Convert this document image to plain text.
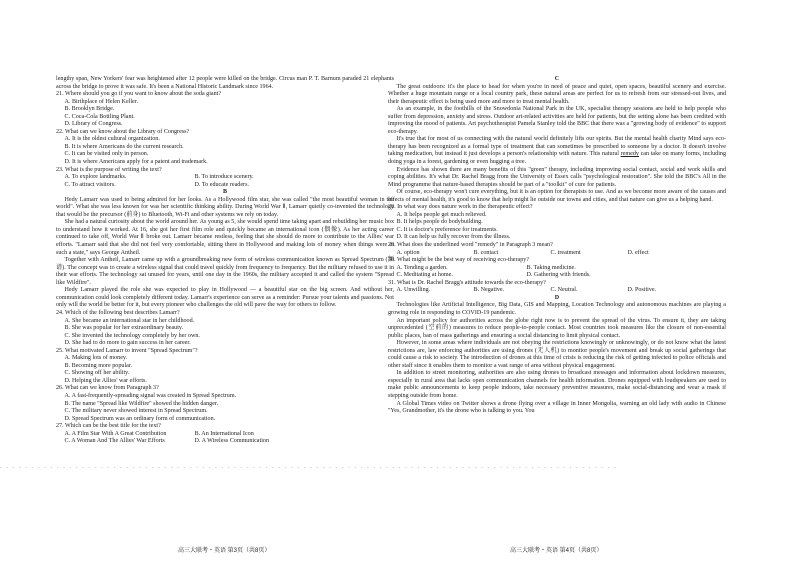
lengthy span, New Yorkers' fear was heightened after 12 people were killed on the bridge. Circus man P. T. Barnum paraded 21 elephants across the bridge to prove it was safe. It's been a National Historic Landmark since 1964.
21. Where should you go if you want to know about the soda giant?
A. Birthplace of Helen Keller.
B. Brooklyn Bridge.
C. Coca-Cola Bottling Plant.
D. Library of Congress.
22. What can we know about the Library of Congress?
A. It is the oldest cultural organization.
B. It is where Americans do the current research.
C. It can be visited only in person.
D. It is where Americans apply for a patent and trademark.
23. What is the purpose of writing the text?
A. To explore landmarks.	B. To introduce scenery.
C. To attract visitors.	D. To educate readers.
B
Hedy Lamarr was used to being admired for her looks. As a Hollywood film star, she was called "the most beautiful woman in the world". What she was less known for was her scientific thinking ability. During World War Ⅱ, Lamarr quietly co-invented the technology that would be the precursor (前身) to Bluetooth, Wi-Fi and other systems we rely on today.
She had a natural curiosity about the world around her. As young as 5, she would spend time taking apart and rebuilding her music box to understand how it worked. At 16, she got her first film role and quickly became an international icon (偶像). As her acting career continued to take off, World War Ⅱ broke out. Lamarr became restless, feeling that she should do more to contribute to the Allies' war efforts. "Lamarr said that she did not feel very comfortable, sitting there in Hollywood and making lots of money when things were in such a state," says George Antheil.
Together with Antheil, Lamarr came up with a groundbreaking new form of wireless communication known as Spread Spectrum (频谱). The concept was to create a wireless signal that could travel quickly from frequency to frequency. But the military refused to use it in their war efforts. The technology sat unused for years, until one day in the 1960s, the military accepted it and called the system "Spread like Wildfire".
Hedy Lamarr played the role she was expected to play in Hollywood — a beautiful star on the big screen. And without her, communication could look completely different today. Lamarr's experience can serve as a reminder: Pursue your talents and passions. Not only will the world be better for it, but every pioneer who challenges the old will pave the way for others to follow.
24. Which of the following best describes Lamarr?
A. She became an international star in her childhood.
B. She was popular for her extraordinary beauty.
C. She invented the technology completely by her own.
D. She had to do more to gain success in her career.
25. What motivated Lamarr to invent "Spread Spectrum"?
A. Making lots of money.
B. Becoming more popular.
C. Showing off her ability.
D. Helping the Allies' war efforts.
26. What can we know from Paragraph 3?
A. A fast-frequently-spreading signal was created in Spread Spectrum.
B. The name "Spread like Wildfire" showed the hidden danger.
C. The military never showed interest in Spread Spectrum.
D. Spread Spectrum was an ordinary form of communication.
27. Which can be the best title for the text?
A. A Film Star With A Great Contribution	B. An International Icon
C. A Woman And The Allies' War Efforts	D. A Wireless Communication
C
The great outdoors: it's the place to head for when you're in need of peace and quiet, open spaces, beautiful scenery and exercise. Whether a huge mountain range or a local country park, these natural areas are perfect for us to refresh from our stressed-out lives, and their therapeutic effect is being used more and more to treat mental health.
As an example, in the foothills of the Snowdonia National Park in the UK, specialist therapy sessions are held to help people who suffer from depression, anxiety and stress. Outdoor art-related activities are held for patients, but the setting alone has been credited with improving the mood of patients. Art psychotherapist Pamela Stanley told the BBC that there was a "growing body of evidence" to support eco-therapy.
It's true that for most of us connecting with the natural world definitely lifts our spirits. But the mental health charity Mind says eco-therapy has been recognized as a formal type of treatment that can sometimes be prescribed to someone by a doctor. It doesn't involve taking medication, but instead it just develops a person's relationship with nature. This natural remedy can take on many forms, including doing yoga in a forest, gardening or even hugging a tree.
Evidence has shown there are many benefits of this "green" therapy, including improving social contact, social and work skills and coping abilities. It's what Dr. Rachel Bragg from the University of Essex calls "psychological restoration". She told the BBC's All in the Mind programme that nature-based therapies should be part of a "toolkit" of cure for patients.
Of course, eco-therapy won't cure everything, but it is an option for therapists to use. And as we become more aware of the causes and effects of mental health, it's good to know that help might lie outside our towns and cities, and that nature can give us a helping hand.
28. In what way does nature work in the therapeutic effect?
A. It helps people get much relieved.
B. It helps people do bodybuilding.
C. It is doctor's preference for treatments.
D. It can help us fully recover from the illness.
29. What does the underlined word "remedy" in Paragraph 3 mean?
A. option	B. contact	C. treatment	D. effect
30. What might be the best way of receiving eco-therapy?
A. Tending a garden.	B. Taking medicine.
C. Meditating at home.	D. Gathering with friends.
31. What is Dr. Rachel Bragg's attitude towards the eco-therapy?
A. Unwilling.	B. Negative.	C. Neutral.	D. Positive.
D
Technologies like Artificial Intelligence, Big Data, GIS and Mapping, Location Technology and autonomous machines are playing a growing role in responding to COVID-19 pandemic.
An important policy for authorities across the globe right now is to prevent the spread of the virus. To ensure it, they are taking unprecedented (空前的) measures to reduce people-to-people contact. Most countries took measures like the closure of non-essential public places, ban of mass gatherings and ensuring a social distancing to limit physical contact.
However, in some areas where individuals are not obeying the restrictions knowingly or unknowingly, or do not know what the latest restrictions are, law enforcing authorities are using drones (无人机) to monitor people's movement and break up social gatherings that could cause a risk to society. The introduction of drones at this time of crisis is reducing the risk of getting infected to police officials and other staff since it enables them to monitor a vast range of area without physical engagement.
In addition to street monitoring, authorities are also using drones to broadcast messages and information about lockdown measures, especially in rural area that lacks open communication channels for health information. Drones equipped with loudspeakers are used to make public announcements to keep people indoors, take necessary preventive measures, make social-distancing and wear a mask if stepping outside from home.
A Global Times video on Twitter shows a drone flying over a village in Inner Mongolia, warning an old lady with audio in Chinese "Yes, Grandmother, it's the drone who is talking to you. You
- - - - - - - - - - - - - - - - - - - - - - - - - - - - - - - - - - - - - - - - - - - - - - - - - - - - - - - - - - - - - - - - - - - - - - - - - - - - - - - - - - - - - - - - - - - - - - - - - -
高三大联考・英语 第3页（共8页）	高三大联考・英语 第4页（共8页）
